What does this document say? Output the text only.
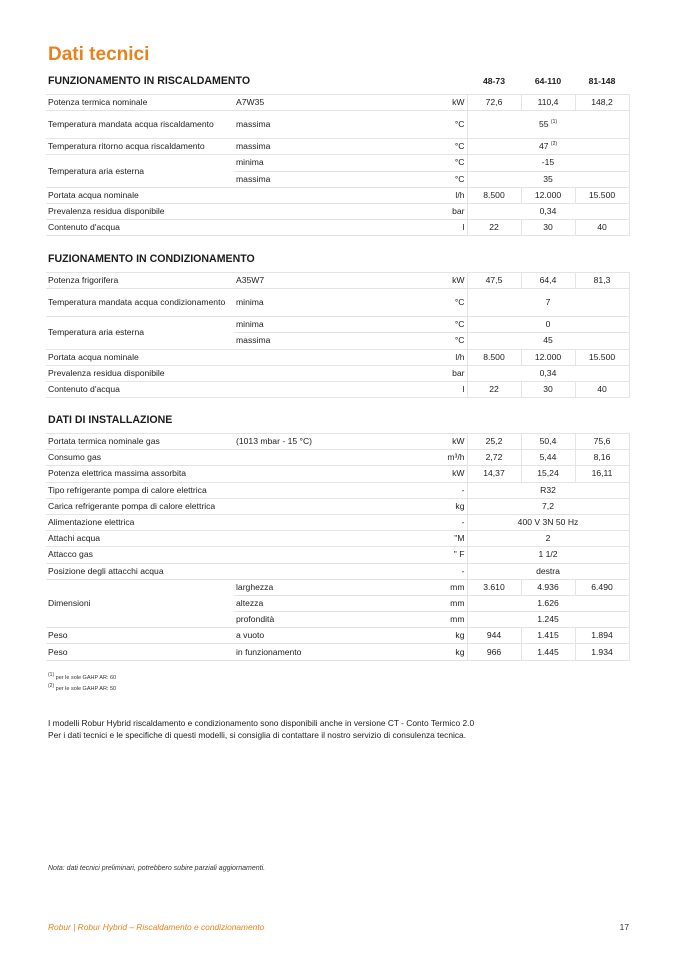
Dati tecnici
FUNZIONAMENTO IN RISCALDAMENTO			48-73	64-110	81-148
Potenza termica nominale	A7W35	kW	72,6	110,4	148,2
Temperatura mandata acqua riscaldamento	massima	°C	55 $^{(1)}$
Temperatura ritorno acqua riscaldamento	massima	°C	47 $^{(2)}$
Temperatura aria esterna	minima	°C	-15		
	massima	°C	35		
Portata acqua nominale		l/h	8.500	12.000	15.500
Prevalenza residua disponibile		bar	0,34		
Contenuto d'acqua		l	22	30	40
FUZIONAMENTO IN CONDIZIONAMENTO					
Potenza frigorifera	A35W7	kW	47,5	64,4	81,3
Temperatura mandata acqua condizionamento	minima	°C	7		
Temperatura aria esterna	minima	°C	0		
	massima	°C	45		
Portata acqua nominale		l/h	8.500	12.000	15.500
Prevalenza residua disponibile		bar	0,34		
Contenuto d'acqua		l	22	30	40
DATI DI INSTALLAZIONE					
Portata termica nominale gas	(1013 mbar - 15 °C)	kW	25,2	50,4	75,6
Consumo gas		m³/h	2,72	5,44	8,16
Potenza elettrica massima assorbita		kW	14,37	15,24	16,11
Tipo refrigerante pompa di calore elettrica		-	R32		
Carica refrigerante pompa di calore elettrica		kg	7,2		
Alimentazione elettrica		-	400 V 3N 50 Hz		
Attachi acqua		"M	2		
Attacco gas		" F	1 1/2		
Posizione degli attacchi acqua		-	destra		
Dimensioni	larghezza	mm	3.610	4.936	6.490
	altezza	mm	1.626		
	profondità	mm	1.245		
Peso	a vuoto	kg	944	1.415	1.894
Peso	in funzionamento	kg	966	1.445	1.934
$^{(1)}$ per le sole GAHP AR: 60
$^{(2)}$ per le sole GAHP AR: 50
I modelli Robur Hybrid riscaldamento e condizionamento sono disponibili anche in versione CT - Conto Termico 2.0
Per i dati tecnici e le specifiche di questi modelli, si consiglia di contattare il nostro servizio di consulenza tecnica.
Nota: dati tecnici preliminari, potrebbero subire parziali aggiornamenti.
Robur | Robur Hybrid – Riscaldamento e condizionamento	17
